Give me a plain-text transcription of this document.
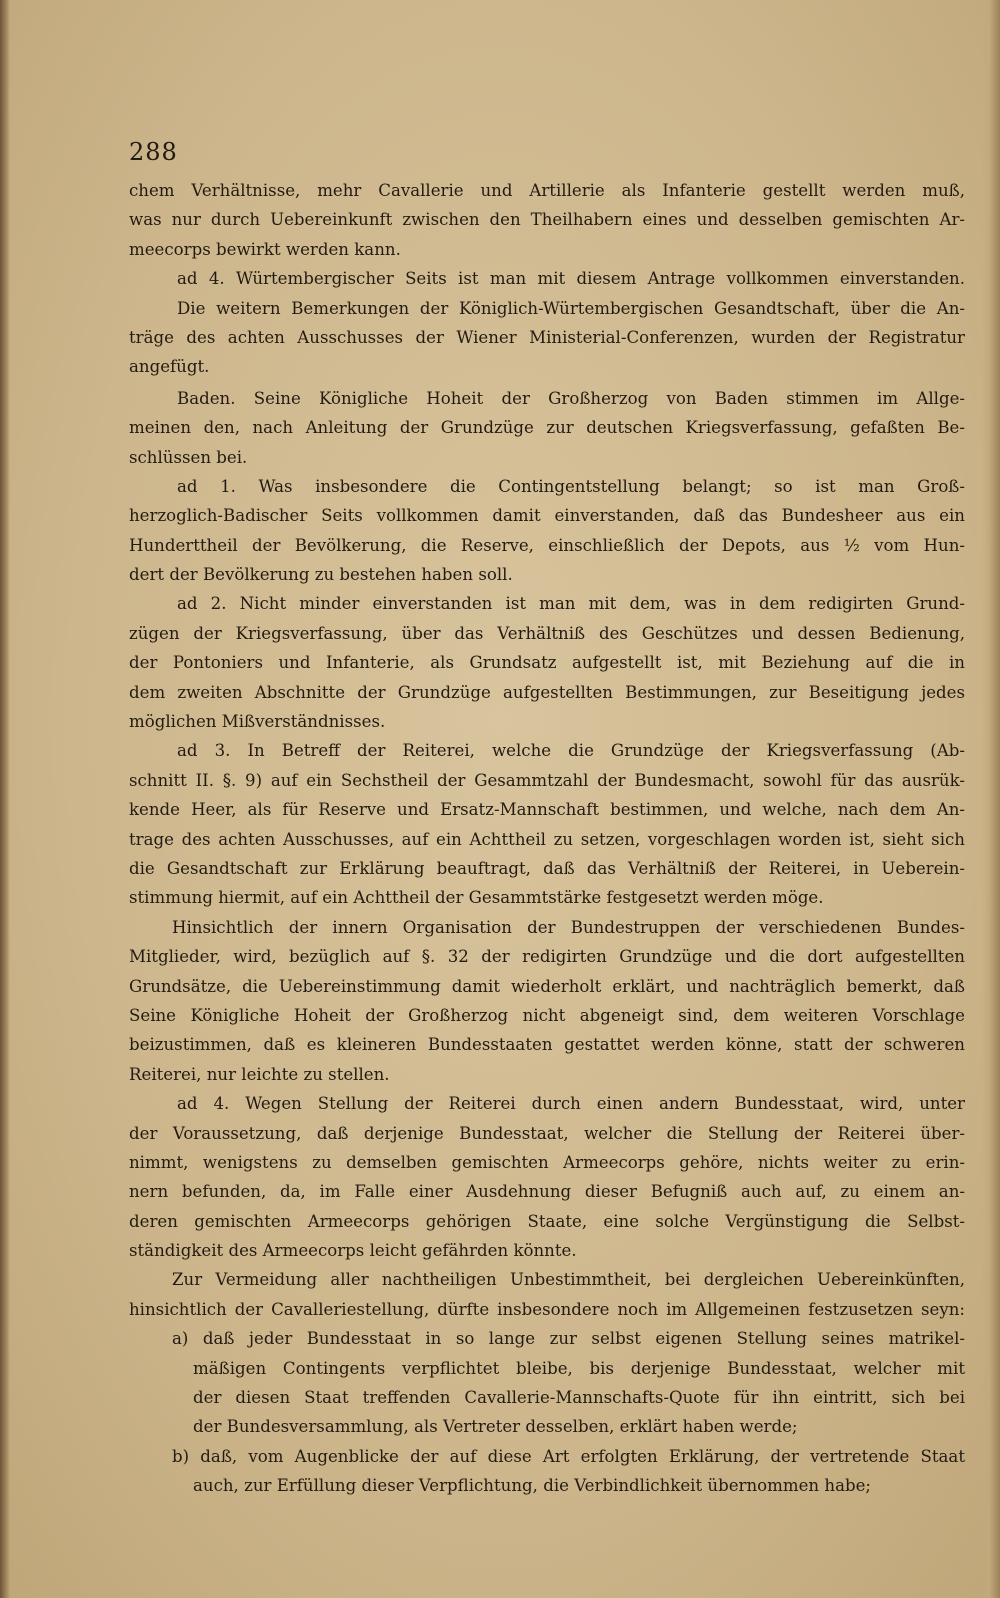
288
chem Verhältnisse, mehr Cavallerie und Artillerie als Infanterie gestellt werden muß,
was nur durch Uebereinkunft zwischen den Theilhabern eines und desselben gemischten Ar-
meecorps bewirkt werden kann.
ad 4. Würtembergischer Seits ist man mit diesem Antrage vollkommen einverstanden.
Die weitern Bemerkungen der Königlich-Würtembergischen Gesandtschaft, über die An-
träge des achten Ausschusses der Wiener Ministerial-Conferenzen, wurden der Registratur
angefügt.
Baden. Seine Königliche Hoheit der Großherzog von Baden stimmen im Allge-
meinen den, nach Anleitung der Grundzüge zur deutschen Kriegsverfassung, gefaßten Be-
schlüssen bei.
ad 1. Was insbesondere die Contingentstellung belangt; so ist man Groß-
herzoglich-Badischer Seits vollkommen damit einverstanden, daß das Bundesheer aus ein
Hunderttheil der Bevölkerung, die Reserve, einschließlich der Depots, aus ½ vom Hun-
dert der Bevölkerung zu bestehen haben soll.
ad 2. Nicht minder einverstanden ist man mit dem, was in dem redigirten Grund-
zügen der Kriegsverfassung, über das Verhältniß des Geschützes und dessen Bedienung,
der Pontoniers und Infanterie, als Grundsatz aufgestellt ist, mit Beziehung auf die in
dem zweiten Abschnitte der Grundzüge aufgestellten Bestimmungen, zur Beseitigung jedes
möglichen Mißverständnisses.
ad 3. In Betreff der Reiterei, welche die Grundzüge der Kriegsverfassung (Ab-
schnitt II. §. 9) auf ein Sechstheil der Gesammtzahl der Bundesmacht, sowohl für das ausrük-
kende Heer, als für Reserve und Ersatz-Mannschaft bestimmen, und welche, nach dem An-
trage des achten Ausschusses, auf ein Achttheil zu setzen, vorgeschlagen worden ist, sieht sich
die Gesandtschaft zur Erklärung beauftragt, daß das Verhältniß der Reiterei, in Ueberein-
stimmung hiermit, auf ein Achttheil der Gesammtstärke festgesetzt werden möge.
Hinsichtlich der innern Organisation der Bundestruppen der verschiedenen Bundes-
Mitglieder, wird, bezüglich auf §. 32 der redigirten Grundzüge und die dort aufgestellten
Grundsätze, die Uebereinstimmung damit wiederholt erklärt, und nachträglich bemerkt, daß
Seine Königliche Hoheit der Großherzog nicht abgeneigt sind, dem weiteren Vorschlage
beizustimmen, daß es kleineren Bundesstaaten gestattet werden könne, statt der schweren
Reiterei, nur leichte zu stellen.
ad 4. Wegen Stellung der Reiterei durch einen andern Bundesstaat, wird, unter
der Voraussetzung, daß derjenige Bundesstaat, welcher die Stellung der Reiterei über-
nimmt, wenigstens zu demselben gemischten Armeecorps gehöre, nichts weiter zu erin-
nern befunden, da, im Falle einer Ausdehnung dieser Befugniß auch auf, zu einem an-
deren gemischten Armeecorps gehörigen Staate, eine solche Vergünstigung die Selbst-
ständigkeit des Armeecorps leicht gefährden könnte.
Zur Vermeidung aller nachtheiligen Unbestimmtheit, bei dergleichen Uebereinkünften,
hinsichtlich der Cavalleriestellung, dürfte insbesondere noch im Allgemeinen festzusetzen seyn:
a) daß jeder Bundesstaat in so lange zur selbst eigenen Stellung seines matrikel-
mäßigen Contingents verpflichtet bleibe, bis derjenige Bundesstaat, welcher mit
der diesen Staat treffenden Cavallerie-Mannschafts-Quote für ihn eintritt, sich bei
der Bundesversammlung, als Vertreter desselben, erklärt haben werde;
b) daß, vom Augenblicke der auf diese Art erfolgten Erklärung, der vertretende Staat
auch, zur Erfüllung dieser Verpflichtung, die Verbindlichkeit übernommen habe;
